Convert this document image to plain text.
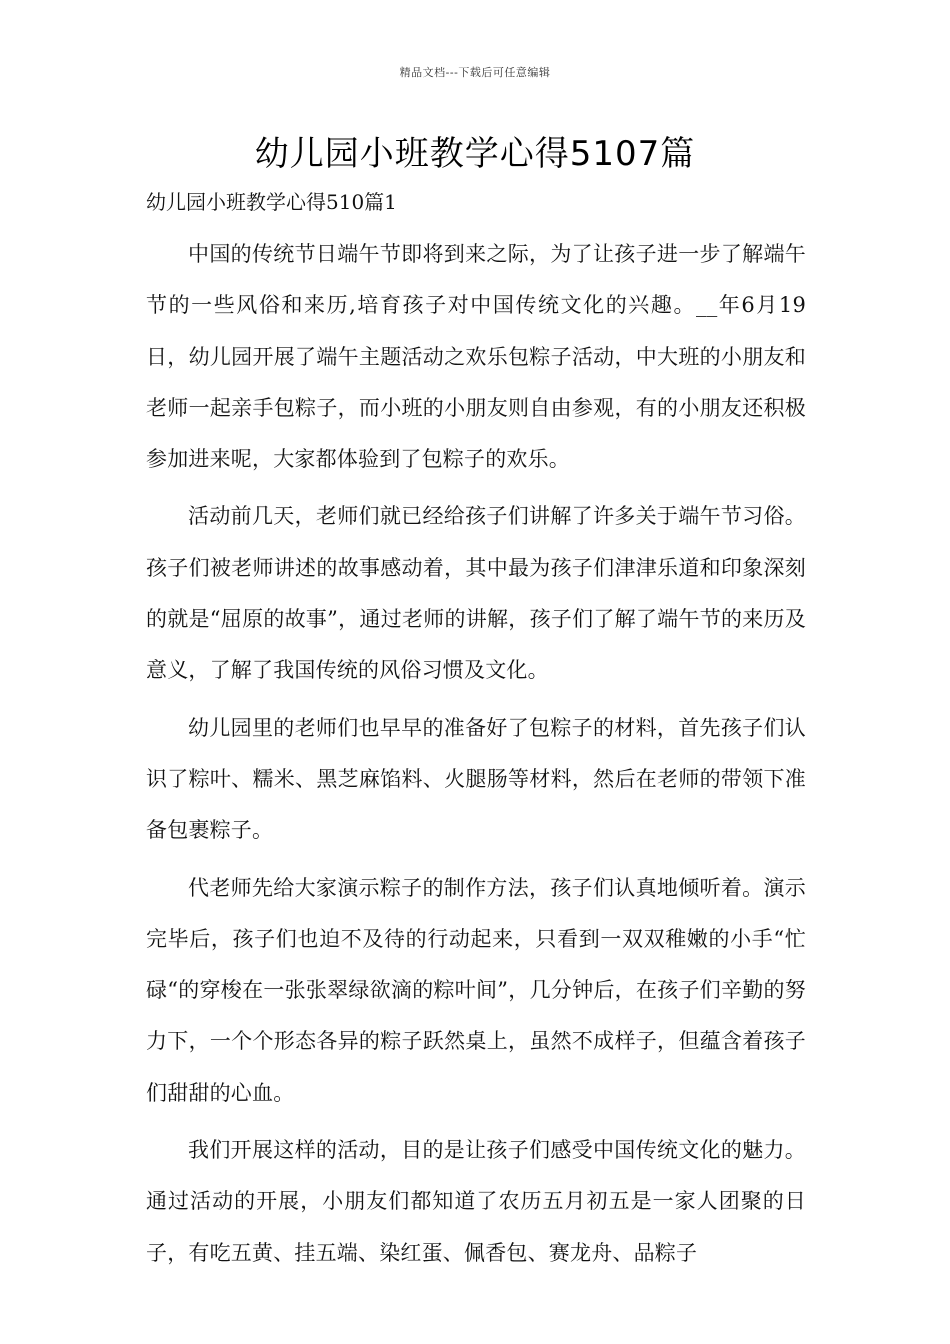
精品文档---下载后可任意编辑
幼儿园小班教学心得5107篇

幼儿园小班教学心得510篇1

中国的传统节日端午节即将到来之际，为了让孩子进一步了解端午节的一些风俗和来历,培育孩子对中国传统文化的兴趣。__年6月19日，幼儿园开展了端午主题活动之欢乐包粽子活动，中大班的小朋友和老师一起亲手包粽子，而小班的小朋友则自由参观，有的小朋友还积极参加进来呢，大家都体验到了包粽子的欢乐。

活动前几天，老师们就已经给孩子们讲解了许多关于端午节习俗。孩子们被老师讲述的故事感动着，其中最为孩子们津津乐道和印象深刻的就是“屈原的故事”，通过老师的讲解，孩子们了解了端午节的来历及意义，了解了我国传统的风俗习惯及文化。

幼儿园里的老师们也早早的准备好了包粽子的材料，首先孩子们认识了粽叶、糯米、黑芝麻馅料、火腿肠等材料，然后在老师的带领下准备包裹粽子。

代老师先给大家演示粽子的制作方法，孩子们认真地倾听着。演示完毕后，孩子们也迫不及待的行动起来，只看到一双双稚嫩的小手“忙碌“的穿梭在一张张翠绿欲滴的粽叶间”，几分钟后，在孩子们辛勤的努力下，一个个形态各异的粽子跃然桌上，虽然不成样子，但蕴含着孩子们甜甜的心血。

我们开展这样的活动，目的是让孩子们感受中国传统文化的魅力。通过活动的开展，小朋友们都知道了农历五月初五是一家人团聚的日子，有吃五黄、挂五端、染红蛋、佩香包、赛龙舟、品粽子
